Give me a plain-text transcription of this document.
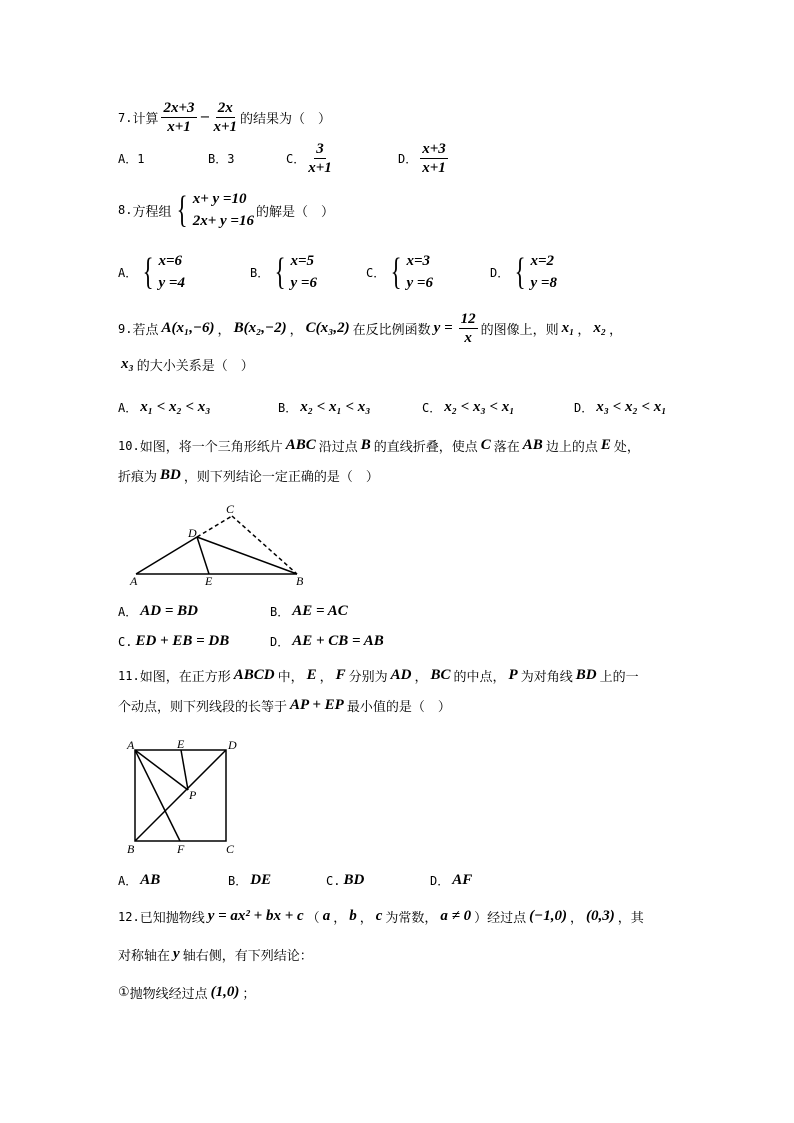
7. 计算 $\frac{2x+3}{x+1} - \frac{2x}{x+1}$ 的结果为（　）
A． 1	B． 3	C． $\frac{3}{x+1}$	D． $\frac{x+3}{x+1}$
8. 方程组 { x+ y =10
2x+ y =16
的解是（　）
A． { x=6
y =4
B． { x=5
y =6
C． { x=3
y =6
D． { x=2
y =8
9. 若点 A(x₁,−6) ， B(x₂,−2) ， C(x₃,2) 在反比例函数 $y = \frac{12}{x}$ 的图像上，则 x₁ ， x₂ ，
x₃ 的大小关系是（　）
A． x₁ < x₂ < x₃	B． x₂ < x₁ < x₃	C． x₂ < x₃ < x₁	D． x₃ < x₂ < x₁
10. 如图，将一个三角形纸片 ABC 沿过点 B 的直线折叠，使点 C 落在 AB 边上的点 E 处，
折痕为 BD ，则下列结论一定正确的是（　）
A	B
C
D
E
A
B	C
D
E
F
P
A． AD = BD	B． AE = AC
C. ED + EB = DB	D． AE + CB = AB
11. 如图，在正方形 ABCD 中， E ， F 分别为 AD ， BC 的中点， P 为对角线 BD 上的一
个动点，则下列线段的长等于 AP + EP 最小值的是（　）
A． AB	B． DE	C. BD	D． AF
12. 已知抛物线 y = ax² + bx + c （ a ， b ， c 为常数， a ≠ 0 ）经过点 (−1,0) ， (0,3) ，其
对称轴在 y 轴右侧，有下列结论：
① 抛物线经过点 (1,0) ；
